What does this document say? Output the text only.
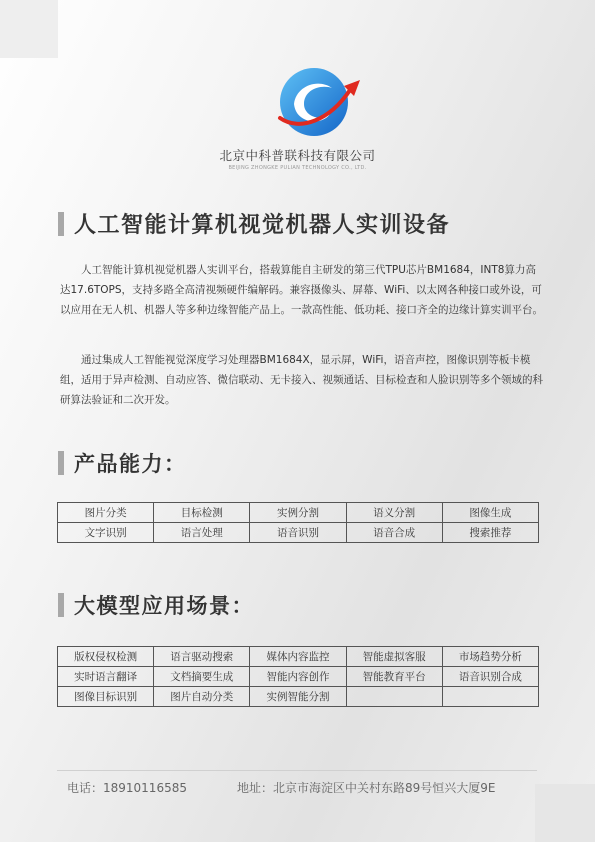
北京中科普联科技有限公司
BEIJING ZHONGKE PULIAN TECHNOLOGY CO., LTD.
人工智能计算机视觉机器人实训设备

人工智能计算机视觉机器人实训平台，搭载算能自主研发的第三代TPU芯片BM1684，INT8算力高达17.6TOPS，支持多路全高清视频硬件编解码。兼容摄像头、屏幕、WiFi、以太网各种接口或外设，可以应用在无人机、机器人等多种边缘智能产品上。一款高性能、低功耗、接口齐全的边缘计算实训平台。

通过集成人工智能视觉深度学习处理器BM1684X，显示屏，WiFi，语音声控，图像识别等板卡模组，适用于异声检测、自动应答、微信联动、无卡接入、视频通话、目标检查和人脸识别等多个领域的科研算法验证和二次开发。

产品能力：
图片分类	目标检测	实例分割	语义分割	图像生成
文字识别	语言处理	语音识别	语音合成	搜索推荐
大模型应用场景：
版权侵权检测	语言驱动搜索	媒体内容监控	智能虚拟客服	市场趋势分析
实时语言翻译	文档摘要生成	智能内容创作	智能教育平台	语音识别合成
图像目标识别	图片自动分类	实例智能分割		
电话：18910116585	地址：北京市海淀区中关村东路89号恒兴大厦9E
